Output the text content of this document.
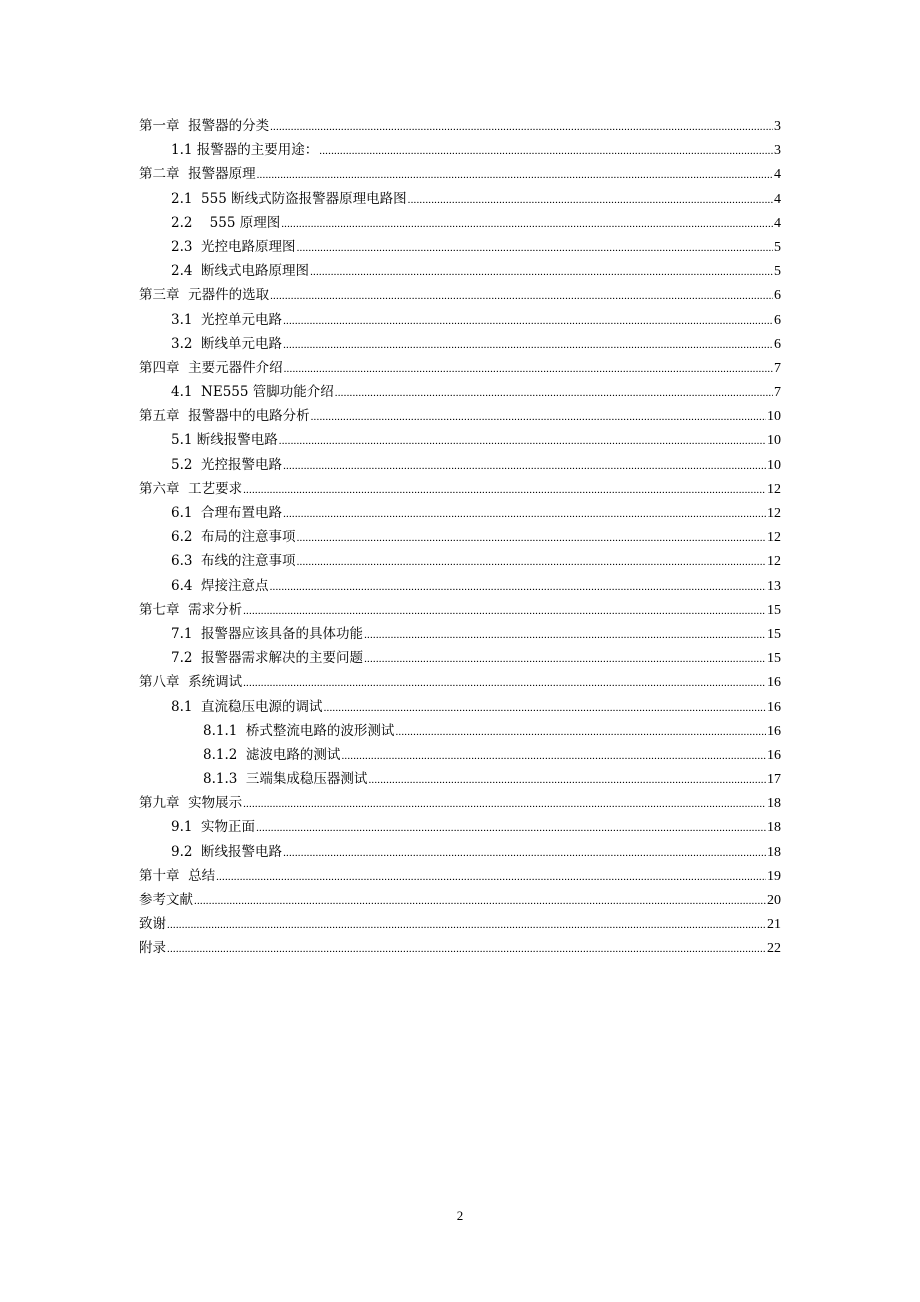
第一章  报警器的分类 .....	3
1.1 报警器的主要用途： .....	3
第二章  报警器原理 .....	4
2.1  555 断线式防盗报警器原理电路图 .....	4
2.2    555 原理图 .....	4
2.3  光控电路原理图 .....	5
2.4  断线式电路原理图 .....	5
第三章  元器件的选取 .....	6
3.1  光控单元电路 .....	6
3.2  断线单元电路 .....	6
第四章  主要元器件介绍 .....	7
4.1  NE555 管脚功能介绍 .....	7
第五章  报警器中的电路分析 .....	10
5.1 断线报警电路 .....	10
5.2  光控报警电路 .....	10
第六章  工艺要求 .....	12
6.1  合理布置电路 .....	12
6.2  布局的注意事项 .....	12
6.3  布线的注意事项 .....	12
6.4  焊接注意点 .....	13
第七章  需求分析 .....	15
7.1  报警器应该具备的具体功能 .....	15
7.2  报警器需求解决的主要问题 .....	15
第八章  系统调试 .....	16
8.1  直流稳压电源的调试 .....	16
8.1.1  桥式整流电路的波形测试 .....	16
8.1.2  滤波电路的测试 .....	16
8.1.3  三端集成稳压器测试 .....	17
第九章  实物展示 .....	18
9.1  实物正面 .....	18
9.2  断线报警电路 .....	18
第十章  总结 .....	19
参考文献 .....	20
致谢 .....	21
附录 .....	22
2
